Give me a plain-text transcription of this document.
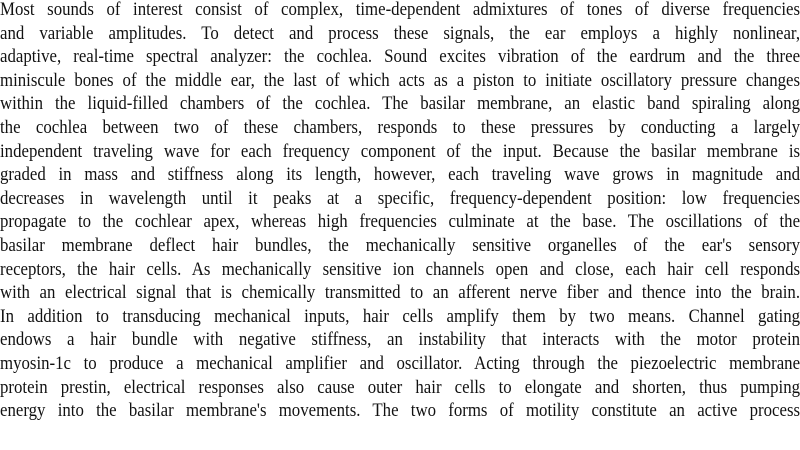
Most sounds of interest consist of complex, time-dependent admixtures of tones of diverse frequencies
and variable amplitudes. To detect and process these signals, the ear employs a highly nonlinear,
adaptive, real-time spectral analyzer: the cochlea. Sound excites vibration of the eardrum and the three
miniscule bones of the middle ear, the last of which acts as a piston to initiate oscillatory pressure changes
within the liquid-filled chambers of the cochlea. The basilar membrane, an elastic band spiraling along
the cochlea between two of these chambers, responds to these pressures by conducting a largely
independent traveling wave for each frequency component of the input. Because the basilar membrane is
graded in mass and stiffness along its length, however, each traveling wave grows in magnitude and
decreases in wavelength until it peaks at a specific, frequency-dependent position: low frequencies
propagate to the cochlear apex, whereas high frequencies culminate at the base. The oscillations of the
basilar membrane deflect hair bundles, the mechanically sensitive organelles of the ear's sensory
receptors, the hair cells. As mechanically sensitive ion channels open and close, each hair cell responds
with an electrical signal that is chemically transmitted to an afferent nerve fiber and thence into the brain.
In addition to transducing mechanical inputs, hair cells amplify them by two means. Channel gating
endows a hair bundle with negative stiffness, an instability that interacts with the motor protein
myosin-1c to produce a mechanical amplifier and oscillator. Acting through the piezoelectric membrane
protein prestin, electrical responses also cause outer hair cells to elongate and shorten, thus pumping
energy into the basilar membrane's movements. The two forms of motility constitute an active process
